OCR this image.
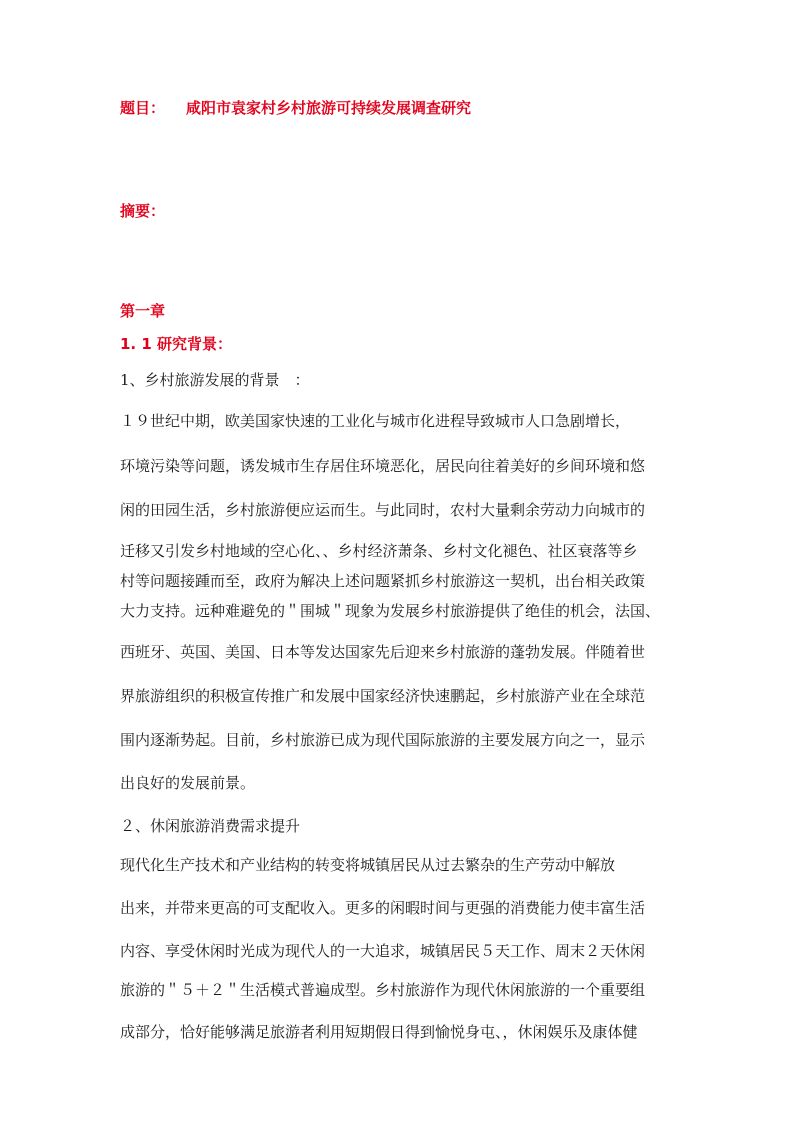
题目： 咸阳市袁家村乡村旅游可持续发展调查研究
摘要：
第一章
1. 1 研究背景：
1、乡村旅游发展的背景　：
１９世纪中期，欧美国家快速的工业化与城市化进程导致城市人口急剧增长，
环境污染等问题，诱发城市生存居住环境恶化，居民向往着美好的乡间环境和悠
闲的田园生活，乡村旅游便应运而生。与此同时，农村大量剩余劳动力向城市的
迁移又引发乡村地域的空心化、、乡村经济萧条、乡村文化褪色、社区衰落等乡
村等问题接踵而至，政府为解决上述问题紧抓乡村旅游这一契机，出台相关政策
大力支持。远种难避免的＂围城＂现象为发展乡村旅游提供了绝佳的机会，法国、
西班牙、英国、美国、日本等发达国家先后迎来乡村旅游的蓬勃发展。伴随着世
界旅游组织的积极宣传推广和发展中国家经济快速鹏起，乡村旅游产业在全球范
围内逐渐势起。目前，乡村旅游已成为现代国际旅游的主要发展方向之一，显示
出良好的发展前景。
２、休闲旅游消费需求提升
现代化生产技术和产业结构的转变将城镇居民从过去繁杂的生产劳动中解放
出来，并带来更高的可支配收入。更多的闲暇时间与更强的消费能力使丰富生活
内容、享受休闲时光成为现代人的一大追求，城镇居民５天工作、周末２天休闲
旅游的＂５＋２＂生活模式普遍成型。乡村旅游作为现代休闲旅游的一个重要组
成部分，恰好能够满足旅游者利用短期假日得到愉悦身屯、，休闲娱乐及康体健
